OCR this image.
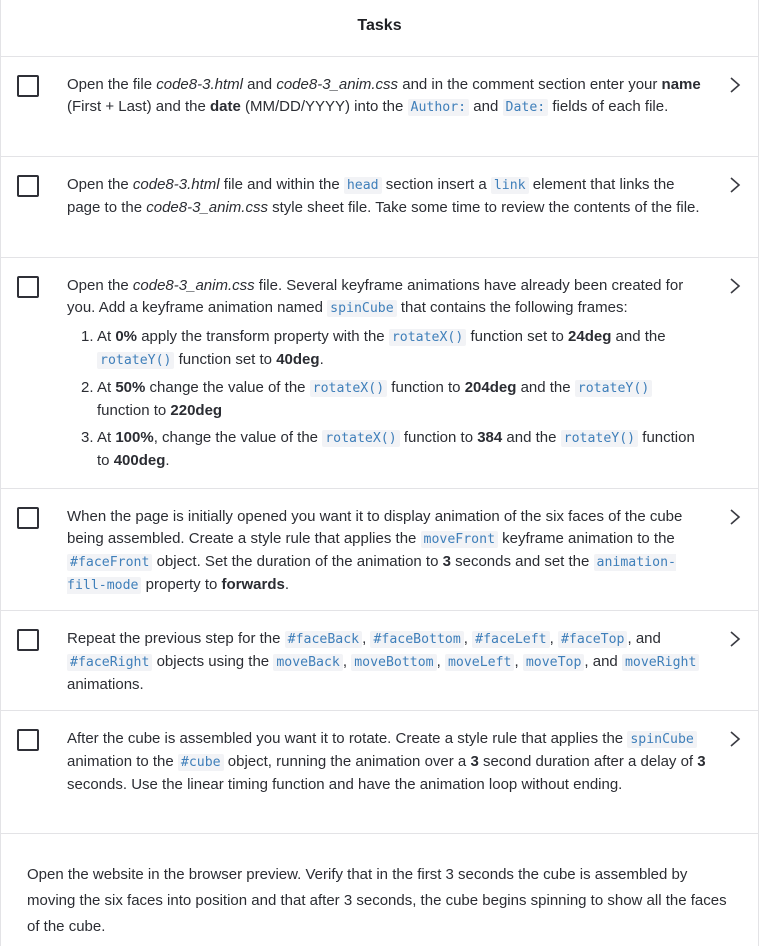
Tasks
Open the file code8-3.html and code8-3_anim.css and in the comment section enter your name (First + Last) and the date (MM/DD/YYYY) into the Author: and Date: fields of each file.
Open the code8-3.html file and within the head section insert a link element that links the page to the code8-3_anim.css style sheet file. Take some time to review the contents of the file.
Open the code8-3_anim.css file. Several keyframe animations have already been created for you. Add a keyframe animation named spinCube that contains the following frames:
1. At 0% apply the transform property with the rotateX() function set to 24deg and the rotateY() function set to 40deg.
2. At 50% change the value of the rotateX() function to 204deg and the rotateY() function to 220deg
3. At 100%, change the value of the rotateX() function to 384 and the rotateY() function to 400deg.
When the page is initially opened you want it to display animation of the six faces of the cube being assembled. Create a style rule that applies the moveFront keyframe animation to the #faceFront object. Set the duration of the animation to 3 seconds and set the animation- fill-mode property to forwards.
Repeat the previous step for the #faceBack , #faceBottom , #faceLeft , #faceTop , and #faceRight objects using the moveBack , moveBottom , moveLeft , moveTop , and moveRight animations.
After the cube is assembled you want it to rotate. Create a style rule that applies the spinCube animation to the #cube object, running the animation over a 3 second duration after a delay of 3 seconds. Use the linear timing function and have the animation loop without ending.

Open the website in the browser preview. Verify that in the first 3 seconds the cube is assembled by moving the six faces into position and that after 3 seconds, the cube begins spinning to show all the faces of the cube.
